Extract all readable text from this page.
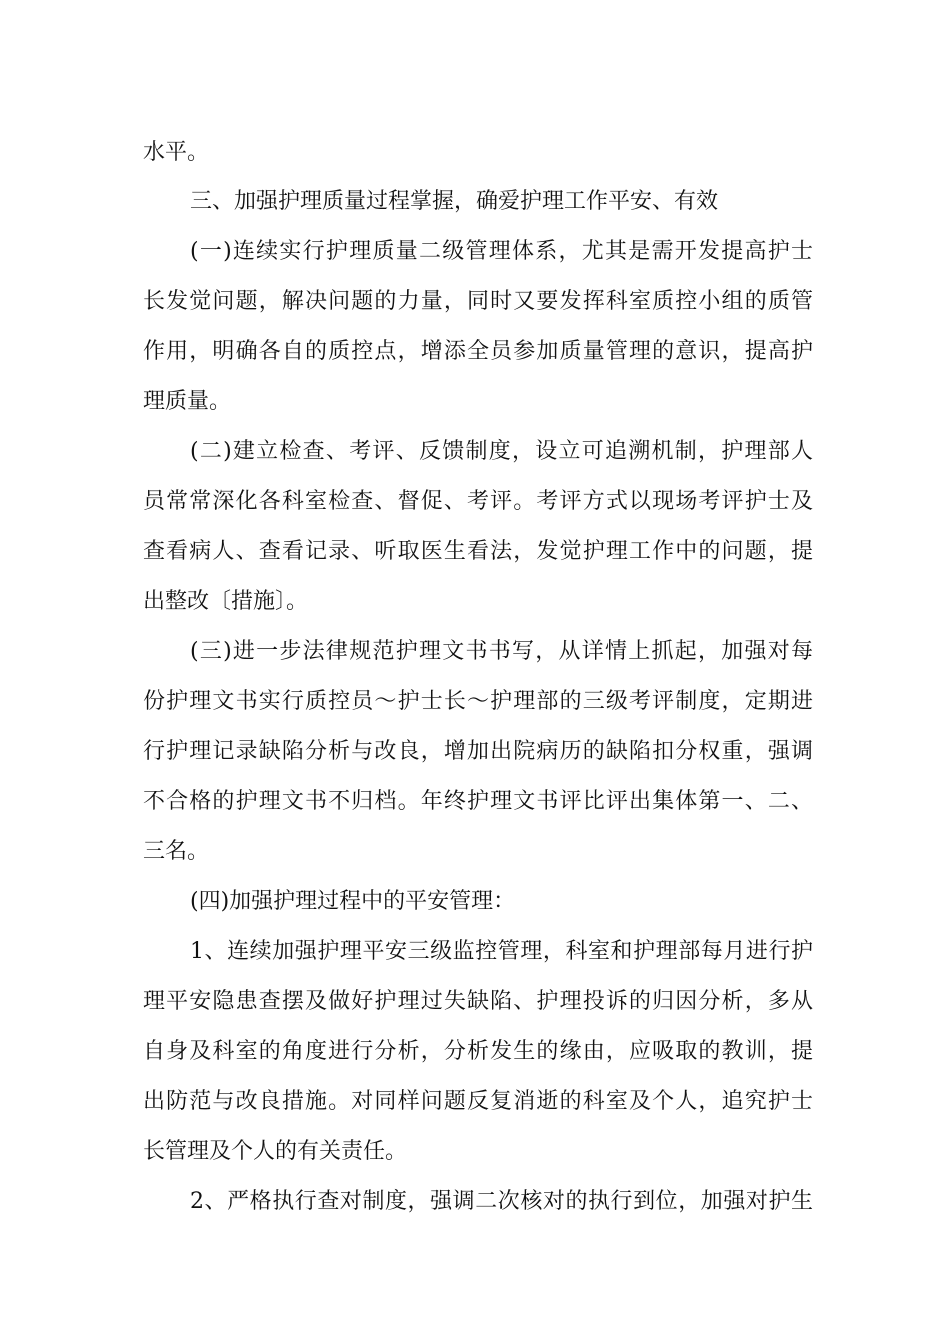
水平。
三、加强护理质量过程掌握，确爱护理工作平安、有效
(一)连续实行护理质量二级管理体系，尤其是需开发提高护士
长发觉问题，解决问题的力量，同时又要发挥科室质控小组的质管
作用，明确各自的质控点，增添全员参加质量管理的意识，提高护
理质量。
(二)建立检查、考评、反馈制度，设立可追溯机制，护理部人
员常常深化各科室检查、督促、考评。考评方式以现场考评护士及
查看病人、查看记录、听取医生看法，发觉护理工作中的问题，提
出整改〔措施〕。
(三)进一步法律规范护理文书书写，从详情上抓起，加强对每
份护理文书实行质控员～护士长～护理部的三级考评制度，定期进
行护理记录缺陷分析与改良，增加出院病历的缺陷扣分权重，强调
不合格的护理文书不归档。年终护理文书评比评出集体第一、二、
三名。
(四)加强护理过程中的平安管理：
1、连续加强护理平安三级监控管理，科室和护理部每月进行护
理平安隐患查摆及做好护理过失缺陷、护理投诉的归因分析，多从
自身及科室的角度进行分析，分析发生的缘由，应吸取的教训，提
出防范与改良措施。对同样问题反复消逝的科室及个人，追究护士
长管理及个人的有关责任。
2、严格执行查对制度，强调二次核对的执行到位，加强对护生
